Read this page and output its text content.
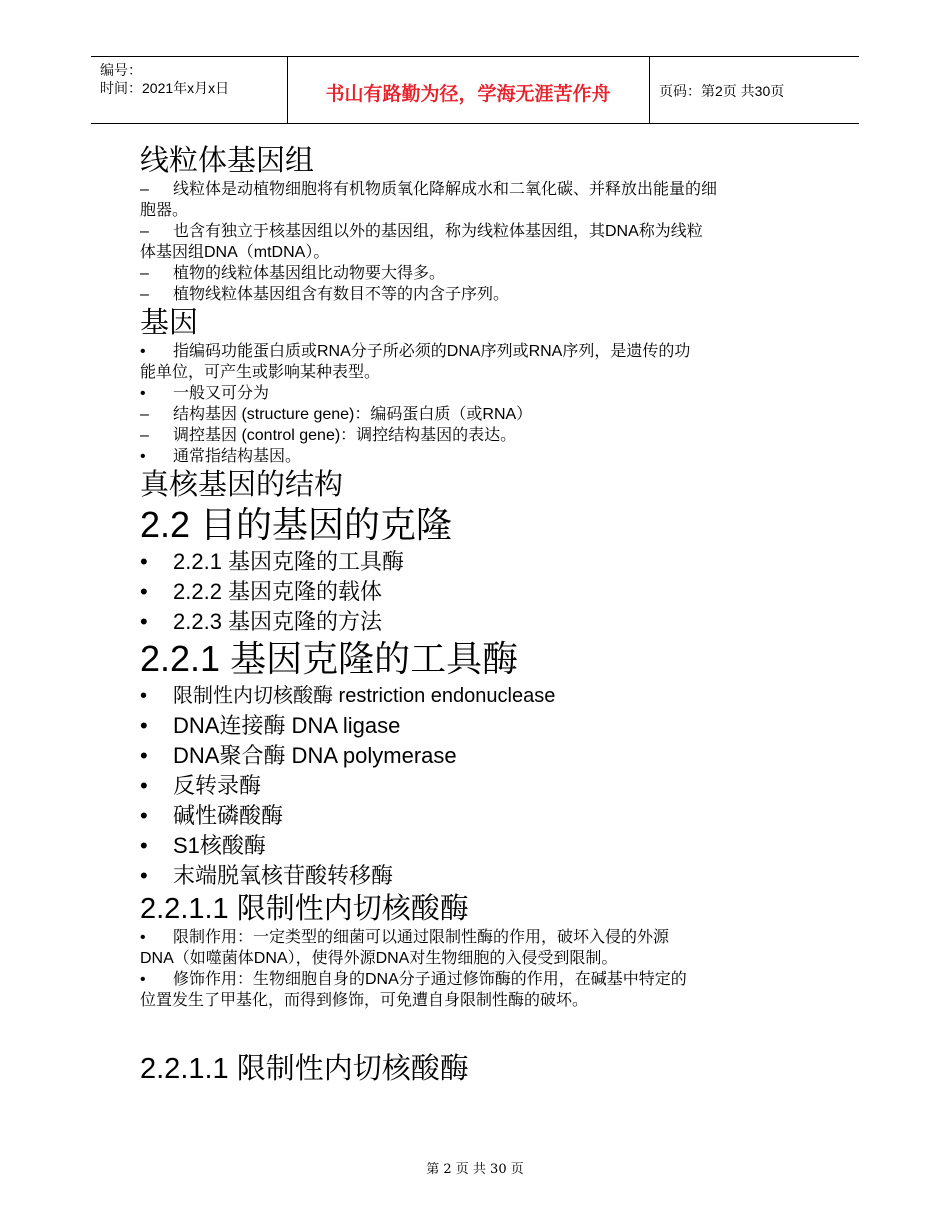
编号：
时间：2021年x月x日	书山有路勤为径，学海无涯苦作舟	页码：第2页 共30页
线粒体基因组
– 线粒体是动植物细胞将有机物质氧化降解成水和二氧化碳、并释放出能量的细
胞器。
– 也含有独立于核基因组以外的基因组，称为线粒体基因组，其DNA称为线粒
体基因组DNA（mtDNA）。
– 植物的线粒体基因组比动物要大得多。
– 植物线粒体基因组含有数目不等的内含子序列。
基因
• 指编码功能蛋白质或RNA分子所必须的DNA序列或RNA序列，是遗传的功
能单位，可产生或影响某种表型。
• 一般又可分为
– 结构基因 (structure gene)：编码蛋白质（或RNA）
– 调控基因 (control gene)：调控结构基因的表达。
• 通常指结构基因。
真核基因的结构
2.2 目的基因的克隆
• 2.2.1 基因克隆的工具酶
• 2.2.2 基因克隆的载体
• 2.2.3 基因克隆的方法
2.2.1 基因克隆的工具酶
• 限制性内切核酸酶 restriction endonuclease
• DNA连接酶 DNA ligase
• DNA聚合酶 DNA polymerase
• 反转录酶
• 碱性磷酸酶
• S1核酸酶
• 末端脱氧核苷酸转移酶
2.2.1.1 限制性内切核酸酶
• 限制作用：一定类型的细菌可以通过限制性酶的作用，破坏入侵的外源
DNA（如噬菌体DNA），使得外源DNA对生物细胞的入侵受到限制。
• 修饰作用：生物细胞自身的DNA分子通过修饰酶的作用，在碱基中特定的
位置发生了甲基化，而得到修饰，可免遭自身限制性酶的破坏。
2.2.1.1 限制性内切核酸酶
第 2 页 共 30 页
